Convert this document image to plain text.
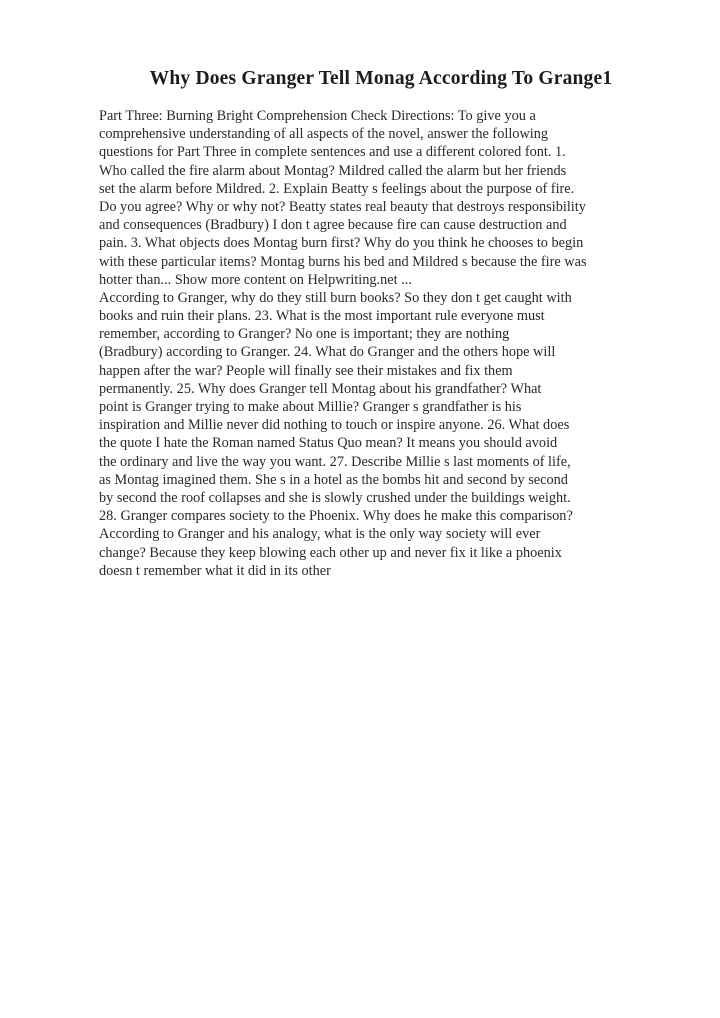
Why Does Granger Tell Monag According To Grange1
Part Three: Burning Bright Comprehension Check Directions: To give you a
comprehensive understanding of all aspects of the novel, answer the following
questions for Part Three in complete sentences and use a different colored font. 1.
Who called the fire alarm about Montag? Mildred called the alarm but her friends
set the alarm before Mildred. 2. Explain Beatty s feelings about the purpose of fire.
Do you agree? Why or why not? Beatty states real beauty that destroys responsibility
and consequences (Bradbury) I don t agree because fire can cause destruction and
pain. 3. What objects does Montag burn first? Why do you think he chooses to begin
with these particular items? Montag burns his bed and Mildred s because the fire was
hotter than... Show more content on Helpwriting.net ...
According to Granger, why do they still burn books? So they don t get caught with
books and ruin their plans. 23. What is the most important rule everyone must
remember, according to Granger? No one is important; they are nothing
(Bradbury) according to Granger. 24. What do Granger and the others hope will
happen after the war? People will finally see their mistakes and fix them
permanently. 25. Why does Granger tell Montag about his grandfather? What
point is Granger trying to make about Millie? Granger s grandfather is his
inspiration and Millie never did nothing to touch or inspire anyone. 26. What does
the quote I hate the Roman named Status Quo mean? It means you should avoid
the ordinary and live the way you want. 27. Describe Millie s last moments of life,
as Montag imagined them. She s in a hotel as the bombs hit and second by second
by second the roof collapses and she is slowly crushed under the buildings weight.
28. Granger compares society to the Phoenix. Why does he make this comparison?
According to Granger and his analogy, what is the only way society will ever
change? Because they keep blowing each other up and never fix it like a phoenix
doesn t remember what it did in its other
